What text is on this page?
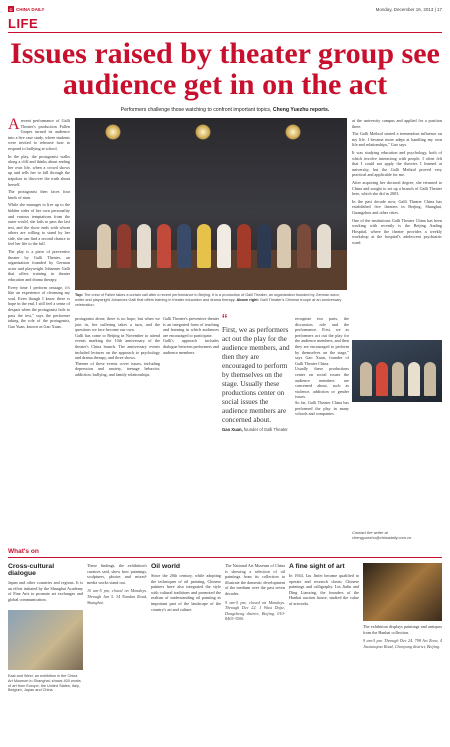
C CHINA DAILY	Monday, December 16, 2013 | 17
LIFE
Issues raised by theater group see audience get in on the act
Performers challenge those watching to confront important topics, Cheng Yuezhu reports.

A recent performance of Galli Theater's production Fallen Grapes turned its audience into a live case study, where students were invited to rehearse how to respond to bullying at school.

In the play, the protagonist walks along a cliff and thinks about ending her own life, when a crowd shows up and tells her to fall through the trapdoor to discover the truth about herself.

The protagonist then faces four kinds of man.

While she manages to live up to the hidden sides of her own personality and various temptations from the outer world, she fails to pass the last test, and the show ends with whom others are willing to stand by her side, she can find a second chance to feel her life to the full.

The play is a piece of preventive theater by Galli Theater, an organization founded by German actor and playwright Johannes Galli that offers training in theater education and drama therapy.

Every time I perform onstage, it's like an experience of cleansing my soul. Even though I know there is hope in the end, I still feel a sense of despair when the protagonist fails to pass the test," says the performer taking the role of the protagonist, Gao Yuan, known as Gao Xuan.

Top: The crew of Fallen takes a curtain call after a recent performance in Beijing. It is a production of Galli Theater, an organization founded by German actor, writer and playwright Johannes Galli that offers training in theater education and drama therapy. Above right: Galli Theater's Chinese troupe at an anniversary celebration.

protagonist alone, there is no hope, but when we join in, her suffering takes a turn, and the questions we face become our own.

Galli has come to Beijing in November to attend events marking the 10th anniversary of the theater's China branch. The anniversary events included lectures on the approach to psychology and drama therapy, and three shows.

Themes of these events cover issues, including depression and anxiety, teenage behavior, addiction, bullying, and family relationships.

Galli Theater's preventive theater is an integrated form of teaching and learning in which audiences are encouraged to participate.

Galli's approach includes dialogue between performers and audience members.

“
First, we as performers act out the play for the audience members, and then they are encouraged to perform by themselves on the stage. Usually these productions center on social issues the audience members are concerned about.
Gao Xuan, founder of Galli Theater

recognize two parts, the discussion, role and the performance. First, we as performers act out the play for the audience members, and then they are encouraged to perform by themselves on the stage," says Gao Xuan, founder of Galli Theater China.

Usually these productions center on social issues the audience members are concerned about, such as violence, addiction or gender issues.

So far, Galli Theater China has performed the play in many schools and companies.

at the university campus and applied for a position there.

The Galli Method started a tremendous influence on my life. I became more adept at handling my own life and relationships," Gao says.

It was studying education and psychology, both of which involve interacting with people. I often felt that I could not apply the theories I learned at university, but the Galli Method proved very practical and applicable for me.

After acquiring her doctoral degree, she returned to China and sought to set up a branch of Galli Theater here, which she did in 2003.

In the past decade now, Galli Theater China has established five theaters in Beijing, Shanghai, Guangzhou and other cities.

One of the institutions Galli Theater China has been working with recently is the Beijing Anding Hospital, where the theater provides a weekly workshop at the hospital's adolescent psychiatric ward.

Contact the writer at
chengyuezhu@chinadaily.com.cn
What's on
Cross-cultural dialogue
Japan and other countries and regions. It is an effort initiated by the Shanghai Academy of Fine Arts to promote art exchanges and global communication.
East and West, an exhibition in the China Art Museum in Shanghai, shows 400 works of art from Europe, the United States, Italy, Belgium, Japan and China.
These findings, the exhibition's curators said, show how paintings, sculptures, photos and mixed-media works stand out.
10 am-5 pm, closed on Mondays. Through Jan 5. 34 Nandan Road, Shanghai.
Oil world
Since the 20th century, while adopting the techniques of oil painting, Chinese painters have also integrated the style with cultural traditions and promoted the realism of understanding oil painting as important part of the landscape of the country's art and culture.
The National Art Museum of China is showing a selection of oil paintings from its collection to illustrate the domestic development of the medium over the past seven decades.
9 am-5 pm, closed on Mondays. Through Dec 22. 1 Wusi Dajie, Dongcheng district, Beijing. 010-8403-3500.
A fine sight of art
In 1944, Liu Jinfei became qualified to operate and research classic Chinese paintings and calligraphy. Lin Jialin and Ding Lianxing, the founders of the Hanhai auction house, studied the value of artworks.
The exhibition displays paintings and antiques from the Hanhai collection.
9 am-5 pm. Through Dec 24. 798 Art Zone, 4 Jiuxianqiao Road, Chaoyang district, Beijing.
